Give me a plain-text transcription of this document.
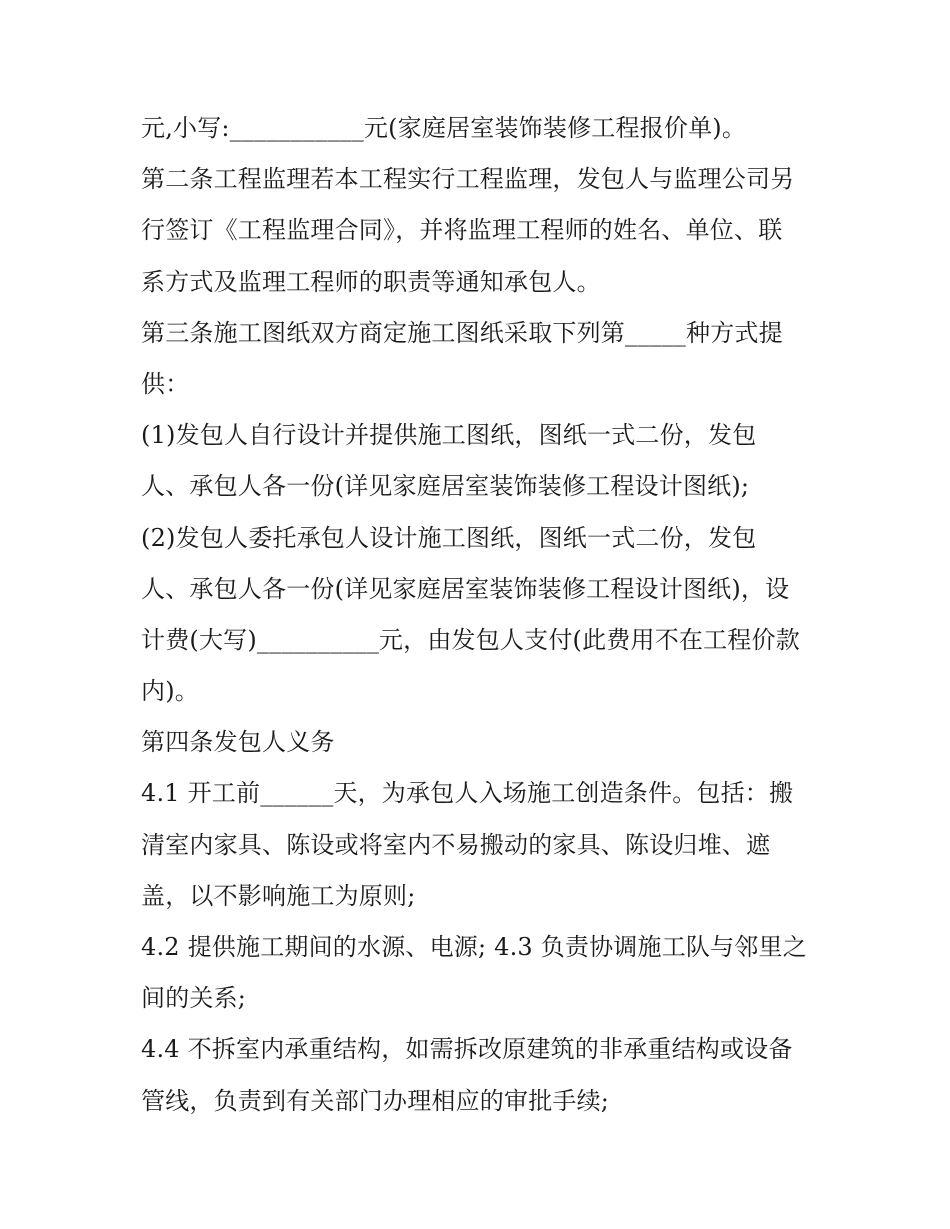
元,小写:___________元(家庭居室装饰装修工程报价单)。
第二条工程监理若本工程实行工程监理，发包人与监理公司另
行签订《工程监理合同》，并将监理工程师的姓名、单位、联
系方式及监理工程师的职责等通知承包人。
第三条施工图纸双方商定施工图纸采取下列第_____种方式提
供：
(1)发包人自行设计并提供施工图纸，图纸一式二份，发包
人、承包人各一份(详见家庭居室装饰装修工程设计图纸);
(2)发包人委托承包人设计施工图纸，图纸一式二份，发包
人、承包人各一份(详见家庭居室装饰装修工程设计图纸)，设
计费(大写)__________元，由发包人支付(此费用不在工程价款
内)。
第四条发包人义务
4.1 开工前______天，为承包人入场施工创造条件。包括：搬
清室内家具、陈设或将室内不易搬动的家具、陈设归堆、遮
盖，以不影响施工为原则;
4.2 提供施工期间的水源、电源; 4.3 负责协调施工队与邻里之
间的关系;
4.4 不拆室内承重结构，如需拆改原建筑的非承重结构或设备
管线，负责到有关部门办理相应的审批手续;
